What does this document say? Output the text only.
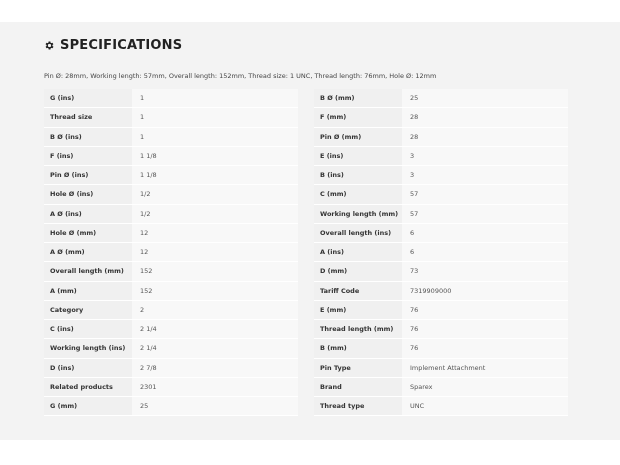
SPECIFICATIONS
Pin Ø: 28mm, Working length: 57mm, Overall length: 152mm, Thread size: 1 UNC, Thread length: 76mm, Hole Ø: 12mm
G (ins)	1
Thread size	1
B Ø (ins)	1
F (ins)	1 1/8
Pin Ø (ins)	1 1/8
Hole Ø (ins)	1/2
A Ø (ins)	1/2
Hole Ø (mm)	12
A Ø (mm)	12
Overall length (mm)	152
A (mm)	152
Category	2
C (ins)	2 1/4
Working length (ins)	2 1/4
D (ins)	2 7/8
Related products	2301
G (mm)	25
B Ø (mm)	25
F (mm)	28
Pin Ø (mm)	28
E (ins)	3
B (ins)	3
C (mm)	57
Working length (mm)	57
Overall length (ins)	6
A (ins)	6
D (mm)	73
Tariff Code	7319909000
E (mm)	76
Thread length (mm)	76
B (mm)	76
Pin Type	Implement Attachment
Brand	Sparex
Thread type	UNC
